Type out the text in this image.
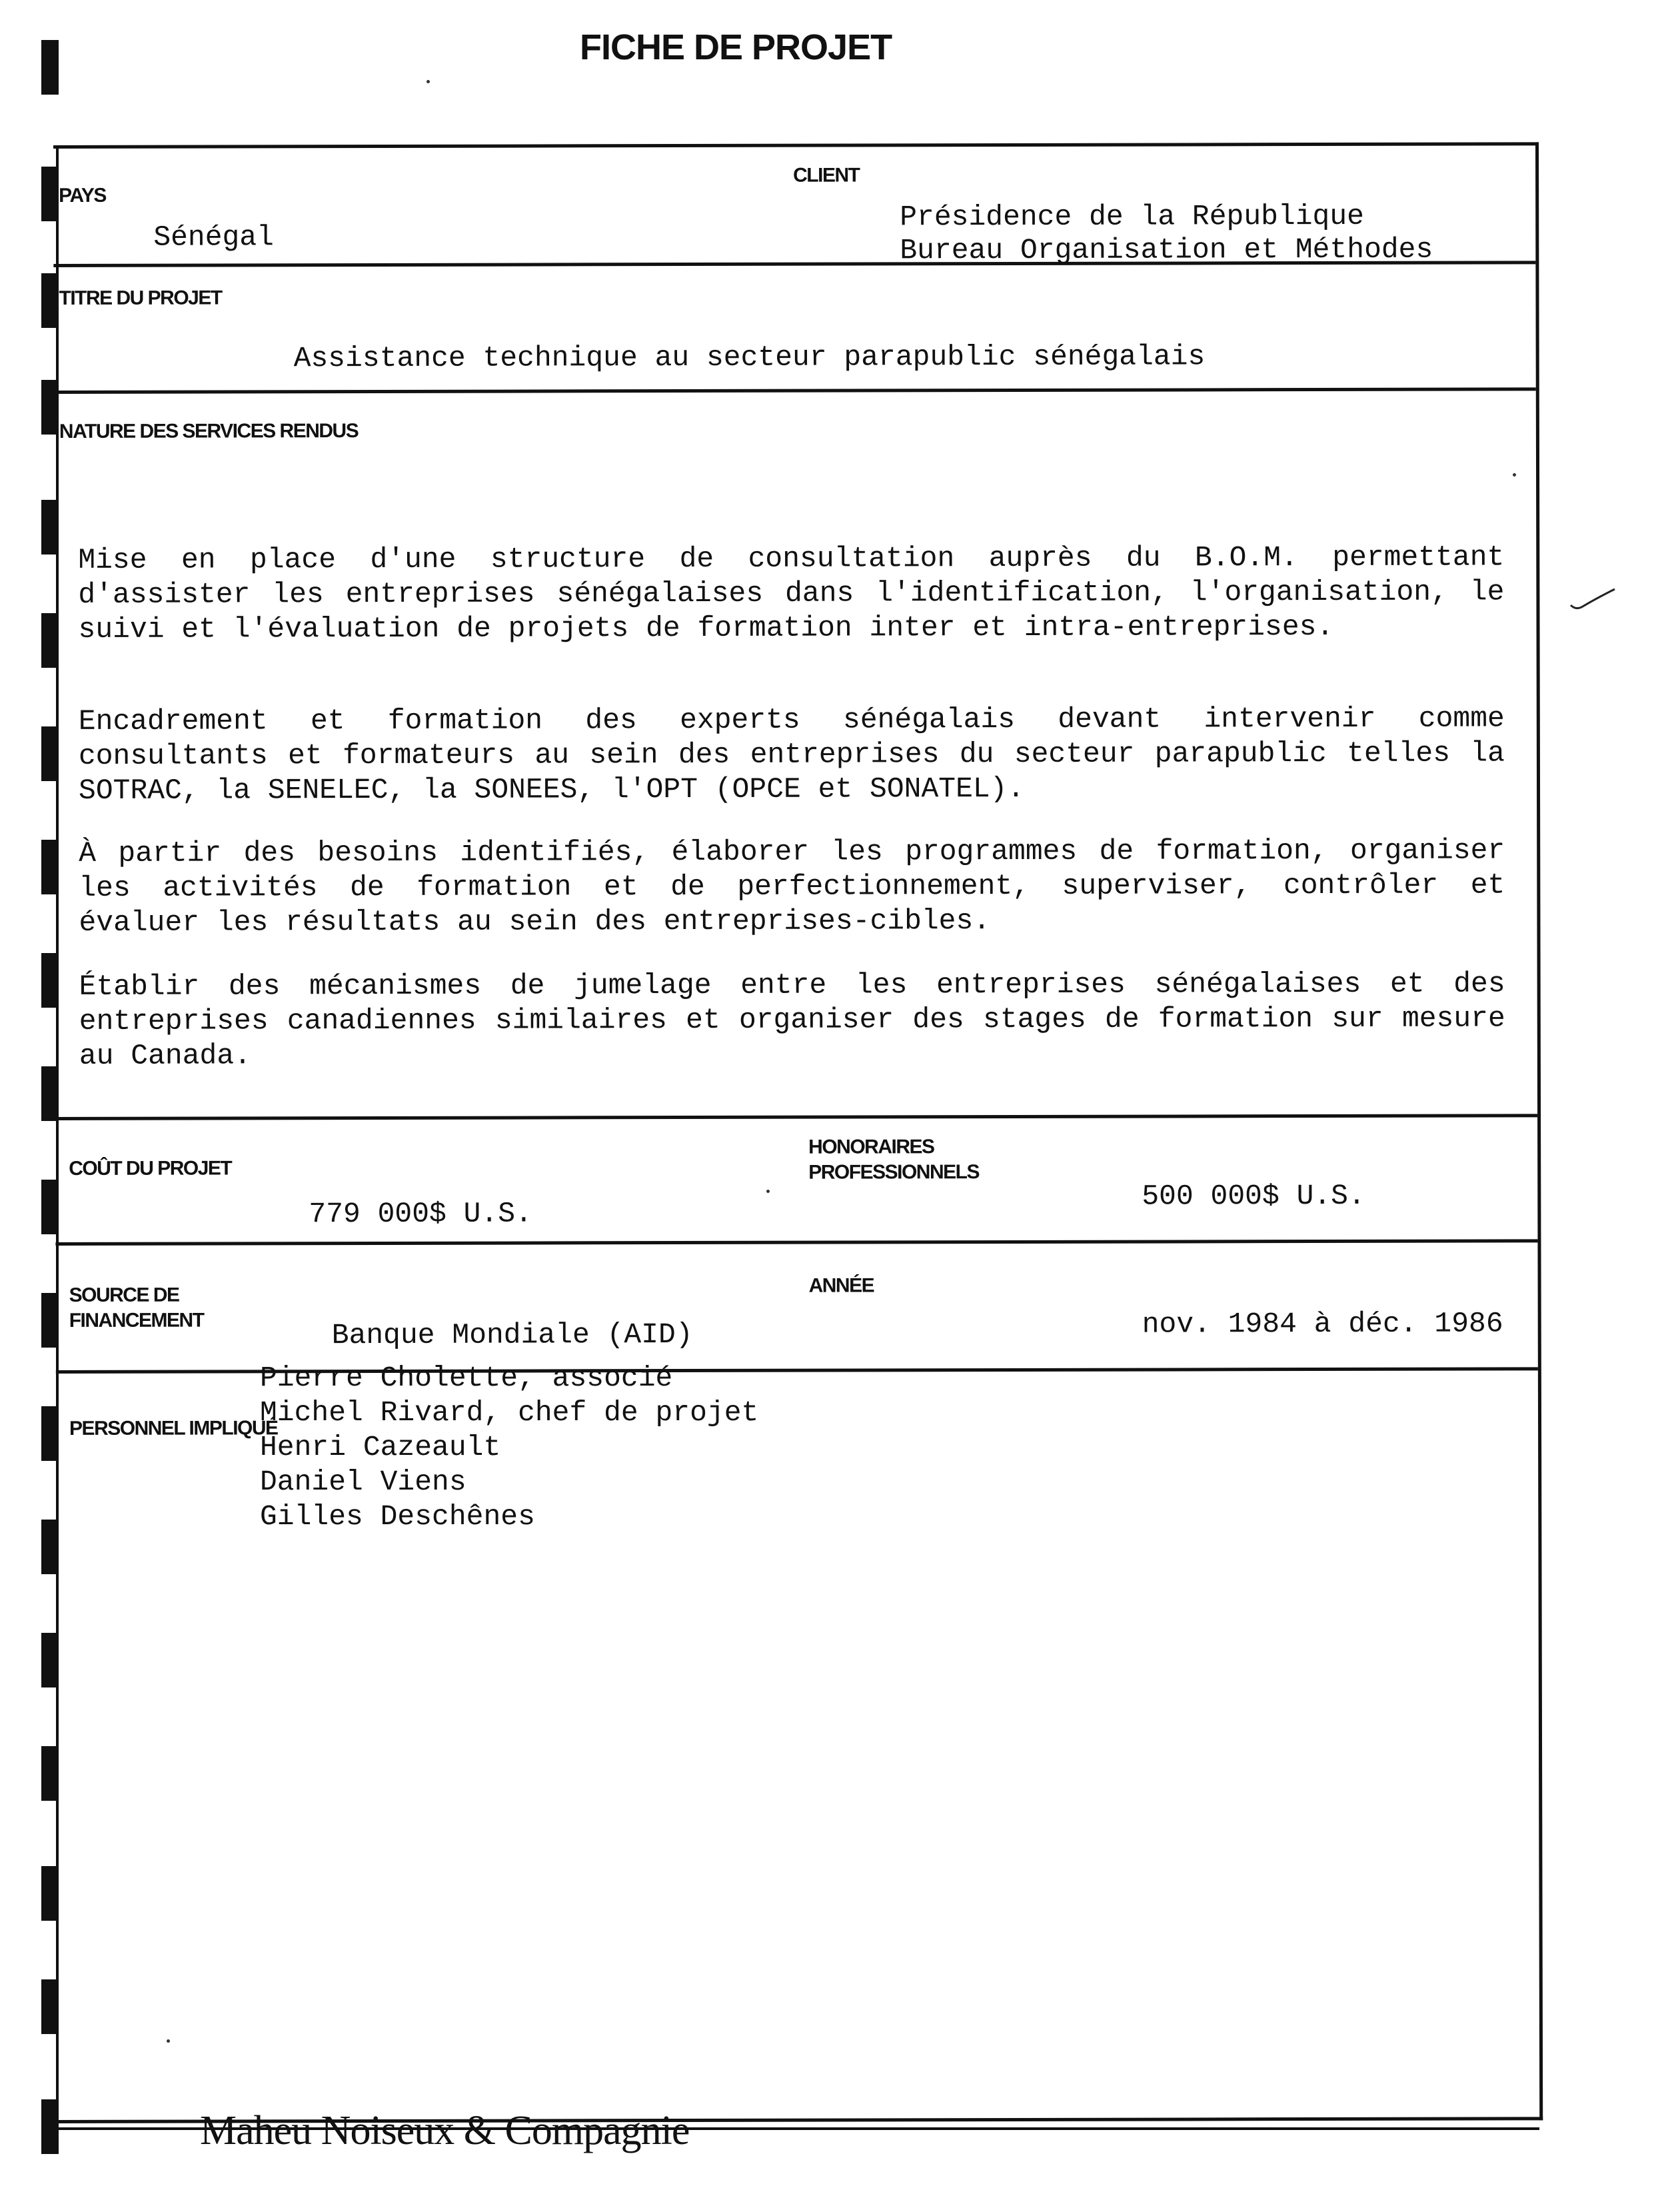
FICHE DE PROJET
PAYS
Sénégal
CLIENT
Présidence de la République
Bureau Organisation et Méthodes
TITRE DU PROJET
Assistance technique au secteur parapublic sénégalais
NATURE DES SERVICES RENDUS
Mise en place d'une structure de consultation auprès du B.O.M. permettant d'assister les entreprises sénégalaises dans l'identification, l'organisation, le suivi et l'évaluation de projets de formation inter et intra-entreprises.
Encadrement et formation des experts sénégalais devant intervenir comme consultants et formateurs au sein des entreprises du secteur parapublic telles la SOTRAC, la SENELEC, la SONEES, l'OPT (OPCE et SONATEL).
À partir des besoins identifiés, élaborer les programmes de formation, organiser les activités de formation et de perfectionnement, superviser, contrôler et évaluer les résultats au sein des entreprises-cibles.
Établir des mécanismes de jumelage entre les entreprises sénégalaises et des entreprises canadiennes similaires et organiser des stages de formation sur mesure au Canada.
COÛT DU PROJET
779 000$ U.S.
HONORAIRES
PROFESSIONNELS
500 000$ U.S.
SOURCE DE
FINANCEMENT	Banque Mondiale (AID)
ANNÉE
nov. 1984 à déc. 1986
PERSONNEL IMPLIQUÉ
Pierre Cholette, associé
Michel Rivard, chef de projet
Henri Cazeault
Daniel Viens
Gilles Deschênes
Maheu Noiseux & Compagnie
